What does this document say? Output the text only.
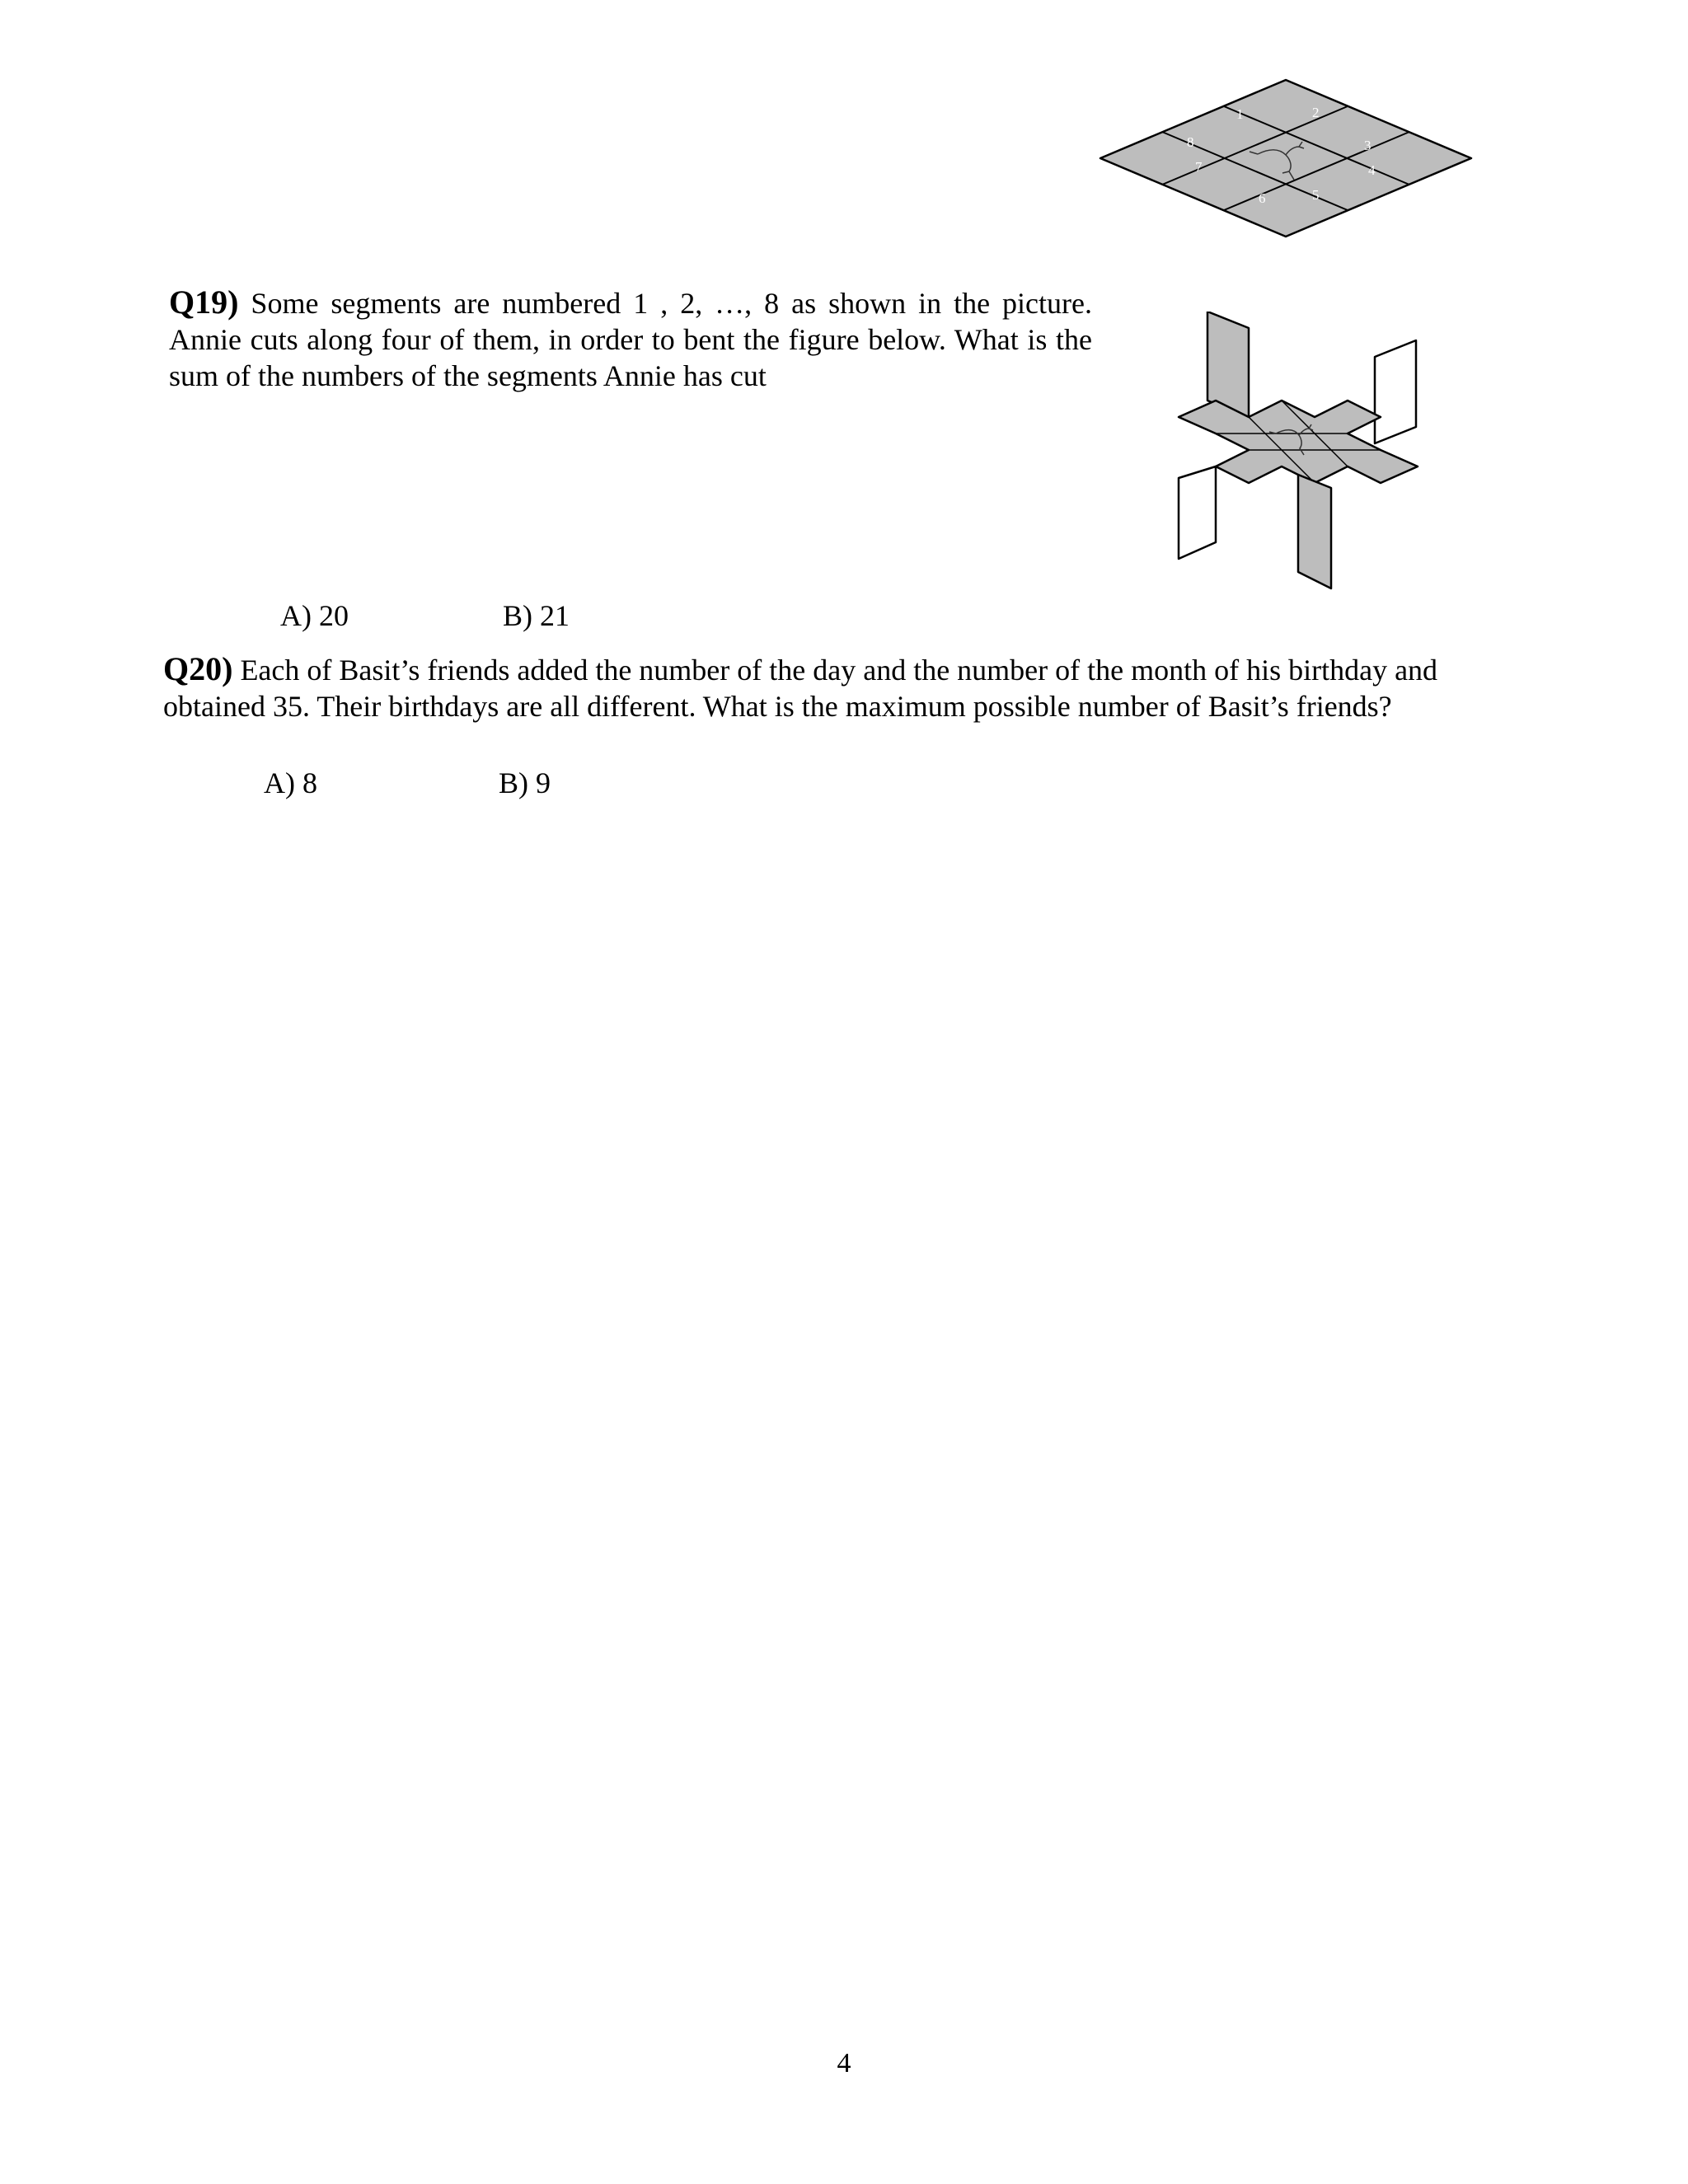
1	2
3
4
5
6
7
8
Q19) Some segments are numbered 1 , 2, …, 8 as shown in the picture. Annie cuts along four of them, in order to bent the figure below. What is the sum of the numbers of the segments Annie has cut
A) 20	B) 21
Q20) Each of Basit’s friends added the number of the day and the number of the month of his birthday and obtained 35. Their birthdays are all different. What is the maximum possible number of Basit’s friends?
A) 8	B) 9
4
